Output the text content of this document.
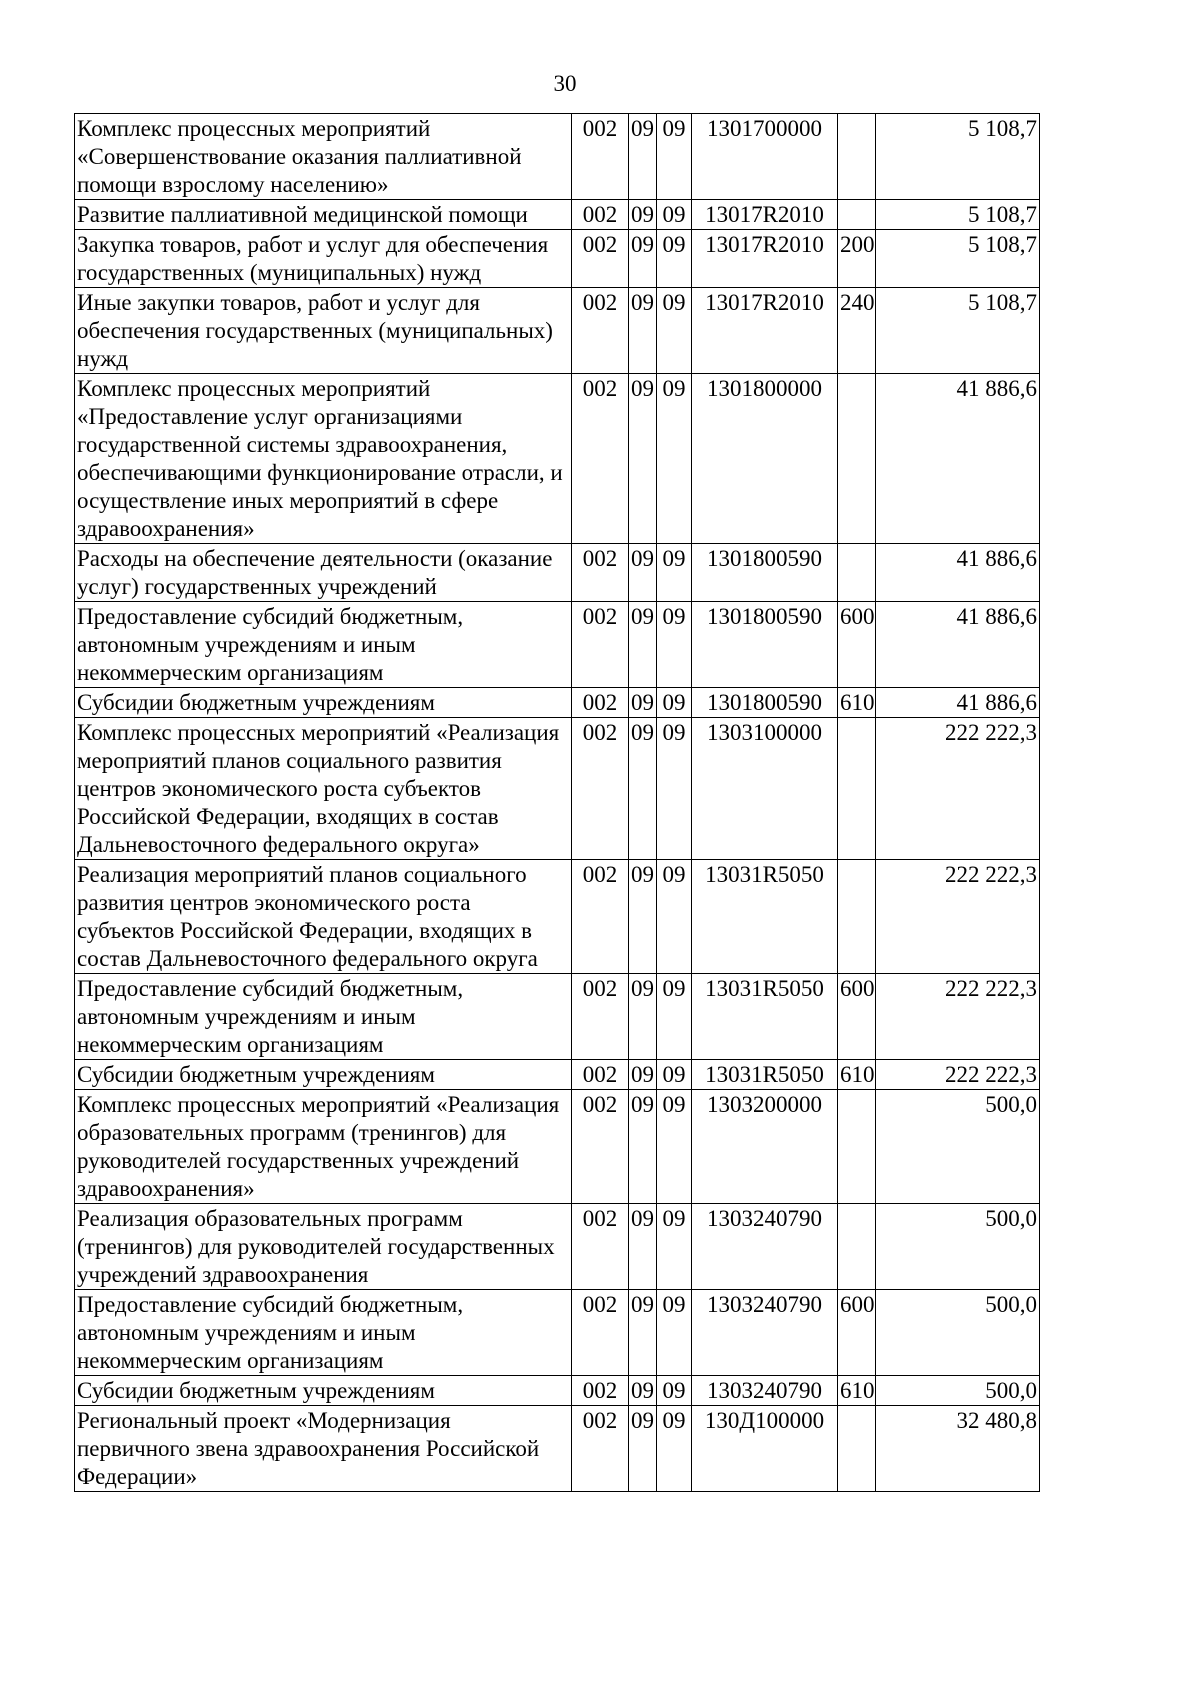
30
Комплекс процессных мероприятий «Совершенствование оказания паллиативной помощи взрослому населению»	002	09	09	1301700000		5 108,7
Развитие паллиативной медицинской помощи	002	09	09	13017R2010		5 108,7
Закупка товаров, работ и услуг для обеспечения государственных (муниципальных) нужд	002	09	09	13017R2010	200	5 108,7
Иные закупки товаров, работ и услуг для обеспечения государственных (муниципальных) нужд	002	09	09	13017R2010	240	5 108,7
Комплекс процессных мероприятий «Предоставление услуг организациями государственной системы здравоохранения, обеспечивающими функционирование отрасли, и осуществление иных мероприятий в сфере здравоохранения»	002	09	09	1301800000		41 886,6
Расходы на обеспечение деятельности (оказание услуг) государственных учреждений	002	09	09	1301800590		41 886,6
Предоставление субсидий бюджетным, автономным учреждениям и иным некоммерческим организациям	002	09	09	1301800590	600	41 886,6
Субсидии бюджетным учреждениям	002	09	09	1301800590	610	41 886,6
Комплекс процессных мероприятий «Реализация мероприятий планов социального развития центров экономического роста субъектов Российской Федерации, входящих в состав Дальневосточного федерального округа»	002	09	09	1303100000		222 222,3
Реализация мероприятий планов социального развития центров экономического роста субъектов Российской Федерации, входящих в состав Дальневосточного федерального округа	002	09	09	13031R5050		222 222,3
Предоставление субсидий бюджетным, автономным учреждениям и иным некоммерческим организациям	002	09	09	13031R5050	600	222 222,3
Субсидии бюджетным учреждениям	002	09	09	13031R5050	610	222 222,3
Комплекс процессных мероприятий «Реализация образовательных программ (тренингов) для руководителей государственных учреждений здравоохранения»	002	09	09	1303200000		500,0
Реализация образовательных программ (тренингов) для руководителей государственных учреждений здравоохранения	002	09	09	1303240790		500,0
Предоставление субсидий бюджетным, автономным учреждениям и иным некоммерческим организациям	002	09	09	1303240790	600	500,0
Субсидии бюджетным учреждениям	002	09	09	1303240790	610	500,0
Региональный проект «Модернизация первичного звена здравоохранения Российской Федерации»	002	09	09	130Д100000		32 480,8
